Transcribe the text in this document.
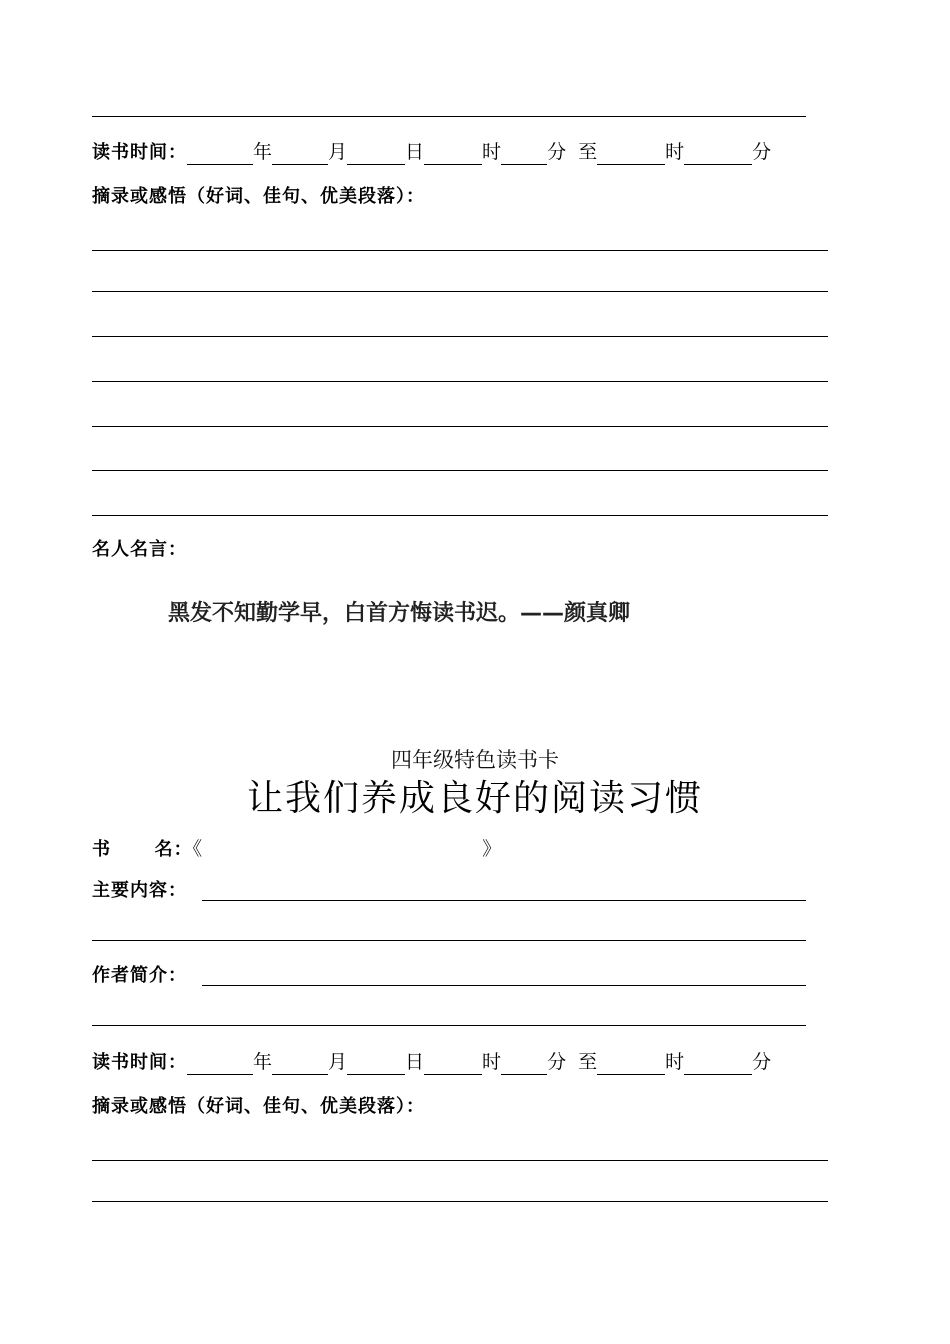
读书时间：	年	月	日	时 分 至	时	分
摘录或感悟（好词、佳句、优美段落）：
名人名言：
黑发不知勤学早，白首方悔读书迟。——颜真卿
四年级特色读书卡
让我们养成良好的阅读习惯
书      名：《	》
主要内容：
作者简介：
读书时间：	年	月	日	时 分 至	时	分
摘录或感悟（好词、佳句、优美段落）：
